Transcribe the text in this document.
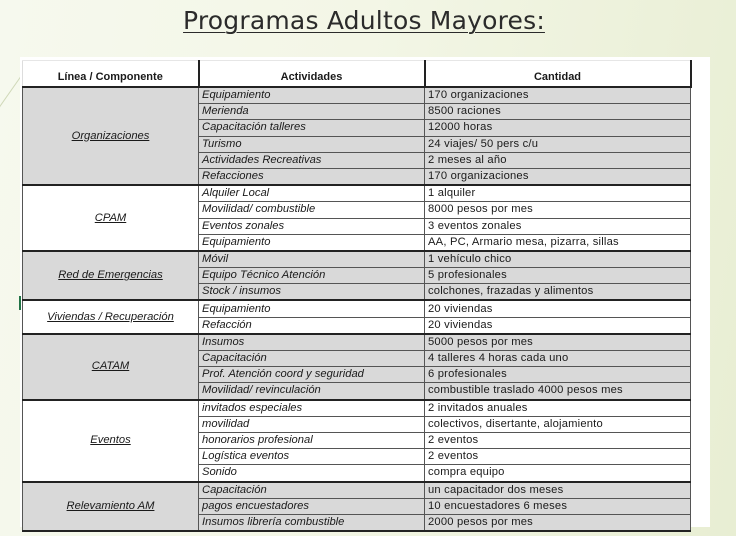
Programas Adultos Mayores:
Línea / Componente	Actividades	Cantidad
Organizaciones	Equipamiento	170 organizaciones
	Merienda	8500 raciones
	Capacitación talleres	12000 horas
	Turismo	24 viajes/ 50 pers c/u
	Actividades Recreativas	2 meses al año
	Refacciones	170 organizaciones
CPAM	Alquiler Local	1 alquiler
	Movilidad/ combustible	8000 pesos por mes
	Eventos zonales	3 eventos zonales
	Equipamiento	AA, PC, Armario mesa, pizarra, sillas
Red de Emergencias	Móvil	1 vehículo chico
	Equipo Técnico Atención	5 profesionales
	Stock / insumos	colchones, frazadas y alimentos
Viviendas / Recuperación	Equipamiento	20 viviendas
	Refacción	20 viviendas
CATAM	Insumos	5000 pesos por mes
	Capacitación	4 talleres 4 horas cada uno
	Prof. Atención coord y seguridad	6 profesionales
	Movilidad/ revinculación	combustible traslado 4000 pesos mes
Eventos	invitados especiales	2 invitados anuales
	movilidad	colectivos, disertante, alojamiento
	honorarios profesional	2 eventos
	Logística eventos	2 eventos
	Sonido	compra equipo
Relevamiento AM	Capacitación	un capacitador dos meses
	pagos encuestadores	10 encuestadores 6 meses
	Insumos librería combustible	2000 pesos por mes
